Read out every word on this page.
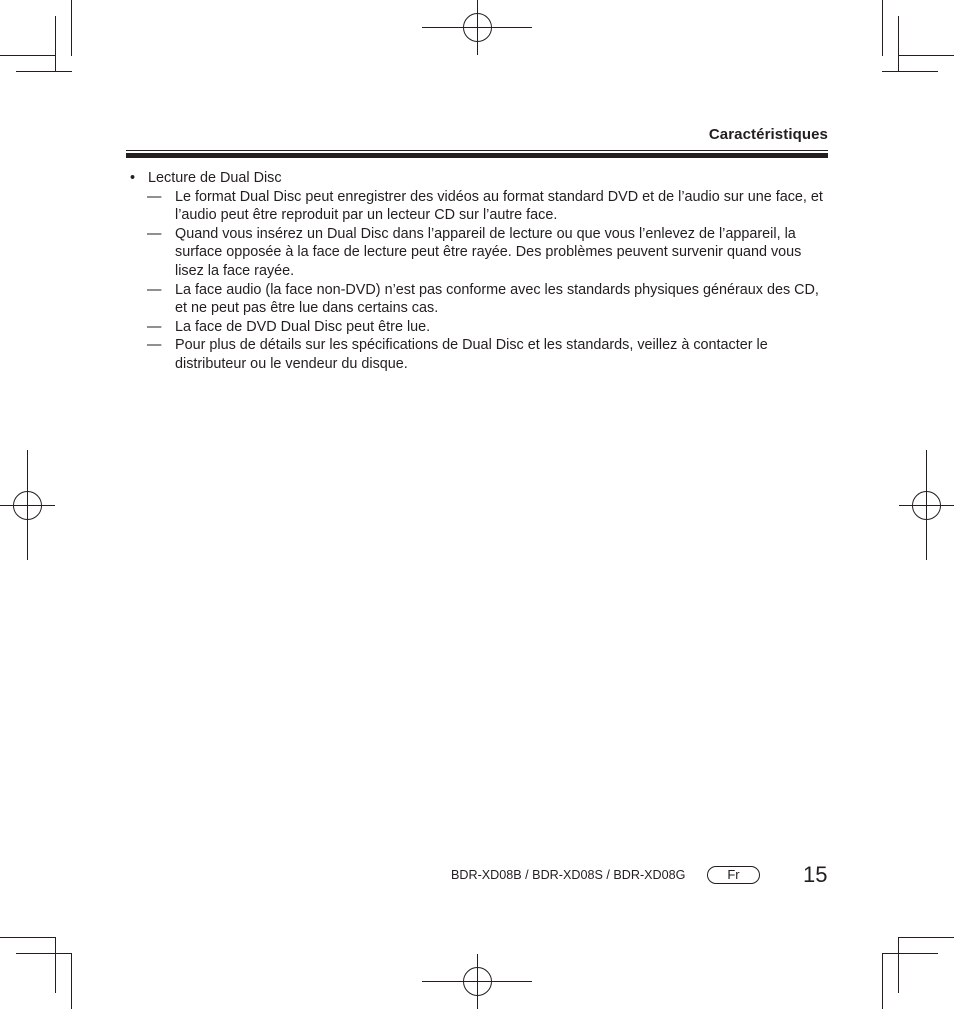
Caractéristiques
• Lecture de Dual Disc
— Le format Dual Disc peut enregistrer des vidéos au format standard DVD et de l’audio sur une face, et l’audio peut être reproduit par un lecteur CD sur l’autre face.
— Quand vous insérez un Dual Disc dans l’appareil de lecture ou que vous l’enlevez de l’appareil, la surface opposée à la face de lecture peut être rayée. Des problèmes peuvent survenir quand vous lisez la face rayée.
— La face audio (la face non-DVD) n’est pas conforme avec les standards physiques généraux des CD, et ne peut pas être lue dans certains cas.
— La face de DVD Dual Disc peut être lue.
— Pour plus de détails sur les spécifications de Dual Disc et les standards, veillez à contacter le distributeur ou le vendeur du disque.
BDR-XD08B / BDR-XD08S / BDR-XD08G	Fr	15
